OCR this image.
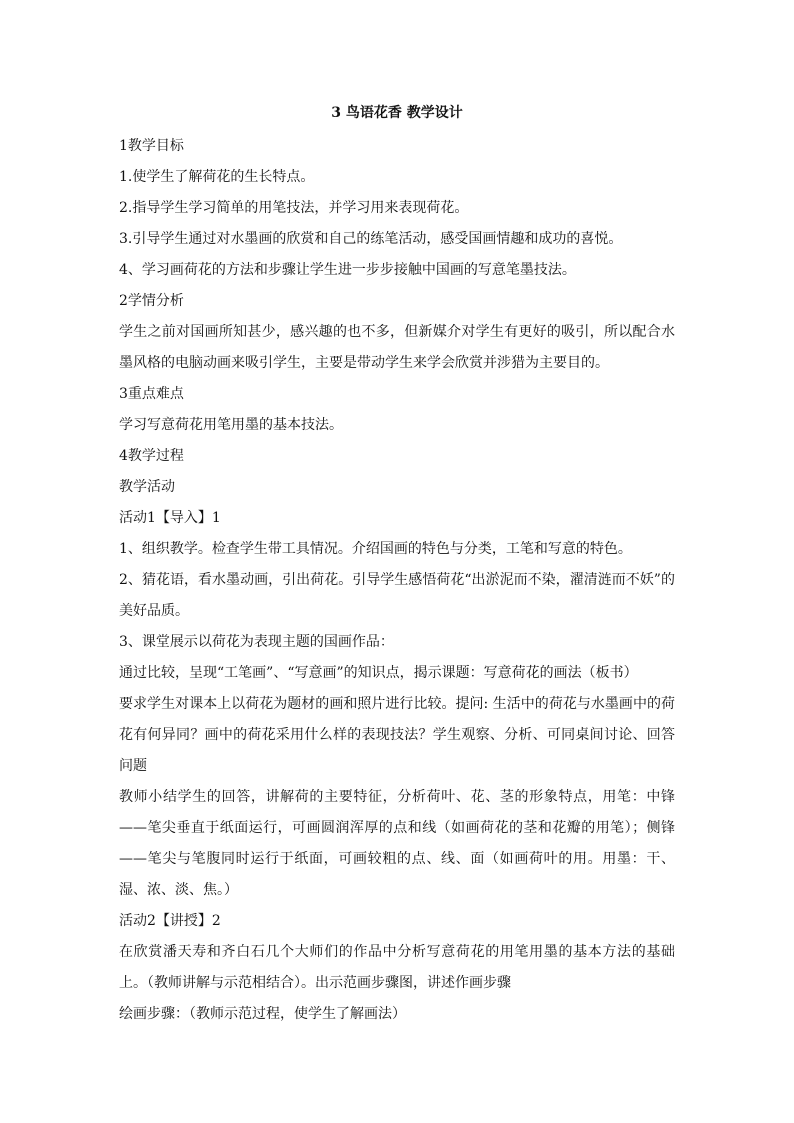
3 鸟语花香 教学设计
1教学目标
1.使学生了解荷花的生长特点。
2.指导学生学习简单的用笔技法，并学习用来表现荷花。
3.引导学生通过对水墨画的欣赏和自己的练笔活动，感受国画情趣和成功的喜悦。
4、学习画荷花的方法和步骤让学生进一步步接触中国画的写意笔墨技法。
2学情分析
学生之前对国画所知甚少，感兴趣的也不多，但新媒介对学生有更好的吸引，所以配合水墨风格的电脑动画来吸引学生，主要是带动学生来学会欣赏并涉猎为主要目的。
3重点难点
学习写意荷花用笔用墨的基本技法。
4教学过程
教学活动
活动1【导入】1
1、组织教学。检查学生带工具情况。介绍国画的特色与分类，工笔和写意的特色。
2、猜花语，看水墨动画，引出荷花。引导学生感悟荷花“出淤泥而不染，濯清涟而不妖”的美好品质。
3、课堂展示以荷花为表现主题的国画作品：
通过比较，呈现“工笔画”、“写意画”的知识点，揭示课题：写意荷花的画法（板书）
要求学生对课本上以荷花为题材的画和照片进行比较。提问: 生活中的荷花与水墨画中的荷花有何异同？画中的荷花采用什么样的表现技法？学生观察、分析、可同桌间讨论、回答问题
教师小结学生的回答，讲解荷的主要特征，分析荷叶、花、茎的形象特点，用笔：中锋——笔尖垂直于纸面运行，可画圆润浑厚的点和线（如画荷花的茎和花瓣的用笔）；侧锋——笔尖与笔腹同时运行于纸面，可画较粗的点、线、面（如画荷叶的用。用墨：干、湿、浓、淡、焦。）
活动2【讲授】2
在欣赏潘天寿和齐白石几个大师们的作品中分析写意荷花的用笔用墨的基本方法的基础上。（教师讲解与示范相结合）。出示范画步骤图，讲述作画步骤
绘画步骤：（教师示范过程，使学生了解画法）
